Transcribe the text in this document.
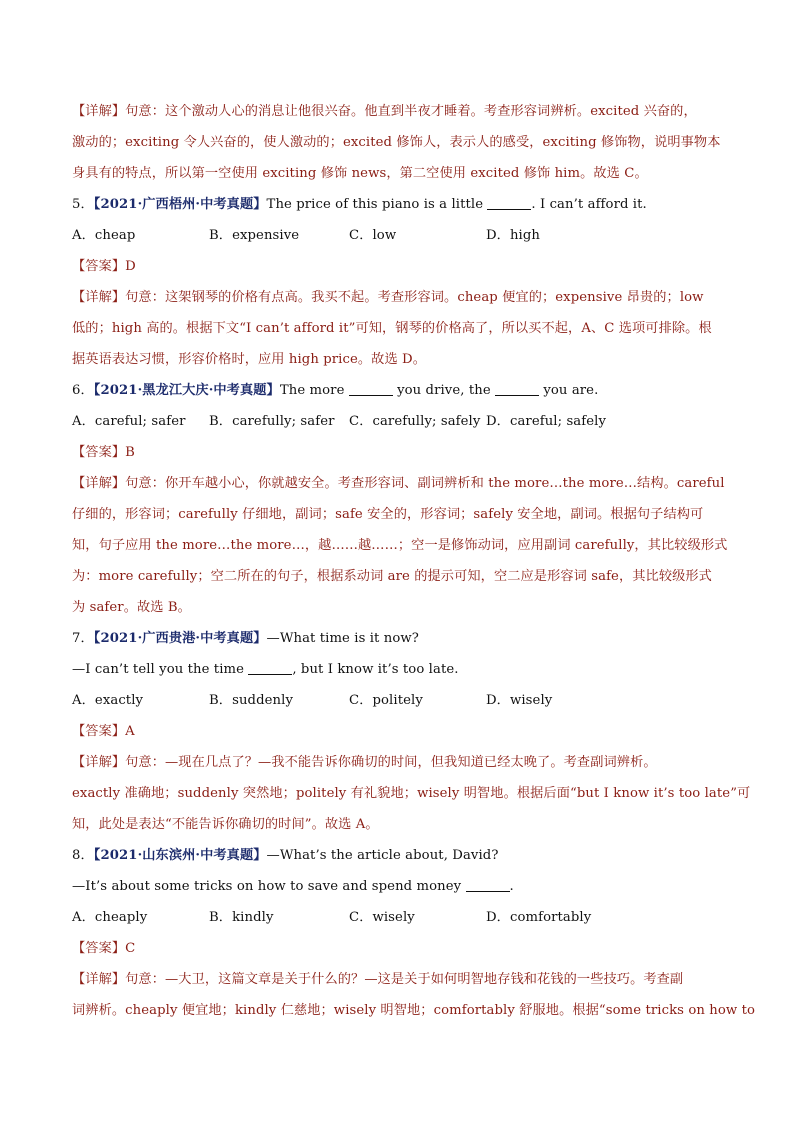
【详解】句意：这个激动人心的消息让他很兴奋。他直到半夜才睡着。考查形容词辨析。excited 兴奋的，
激动的；exciting 令人兴奋的，使人激动的；excited 修饰人，表示人的感受，exciting 修饰物，说明事物本
身具有的特点，所以第一空使用 exciting 修饰 news，第二空使用 excited 修饰 him。故选 C。
5．【2021·广西梧州·中考真题】The price of this piano is a little	. I can’t afford it.
A．cheap	B．expensive	C．low	D．high
【答案】D
【详解】句意：这架钢琴的价格有点高。我买不起。考查形容词。cheap 便宜的；expensive 昂贵的；low
低的；high 高的。根据下文“I can’t afford it”可知，钢琴的价格高了，所以买不起，A、C 选项可排除。根
据英语表达习惯，形容价格时，应用 high price。故选 D。
6．【2021·黑龙江大庆·中考真题】The more	you drive, the	you are.
A．careful; safer B．carefully; safer C．carefully; safely D．careful; safely
【答案】B
【详解】句意：你开车越小心，你就越安全。考查形容词、副词辨析和 the more…the more…结构。careful
仔细的，形容词；carefully 仔细地，副词；safe 安全的，形容词；safely 安全地，副词。根据句子结构可
知，句子应用 the more…the more…，越……越……；空一是修饰动词，应用副词 carefully，其比较级形式
为：more carefully；空二所在的句子，根据系动词 are 的提示可知，空二应是形容词 safe，其比较级形式
为 safer。故选 B。
7．【2021·广西贵港·中考真题】—What time is it now?
—I can’t tell you the time	, but I know it’s too late.
A．exactly	B．suddenly	C．politely	D．wisely
【答案】A
【详解】句意：—现在几点了？—我不能告诉你确切的时间，但我知道已经太晚了。考查副词辨析。
exactly 准确地；suddenly 突然地；politely 有礼貌地；wisely 明智地。根据后面“but I know it’s too late”可
知，此处是表达“不能告诉你确切的时间”。故选 A。
8．【2021·山东滨州·中考真题】—What’s the article about, David?
—It’s about some tricks on how to save and spend money	.
A．cheaply	B．kindly	C．wisely	D．comfortably
【答案】C
【详解】句意：—大卫，这篇文章是关于什么的？—这是关于如何明智地存钱和花钱的一些技巧。考查副
词辨析。cheaply 便宜地；kindly 仁慈地；wisely 明智地；comfortably 舒服地。根据“some tricks on how to
